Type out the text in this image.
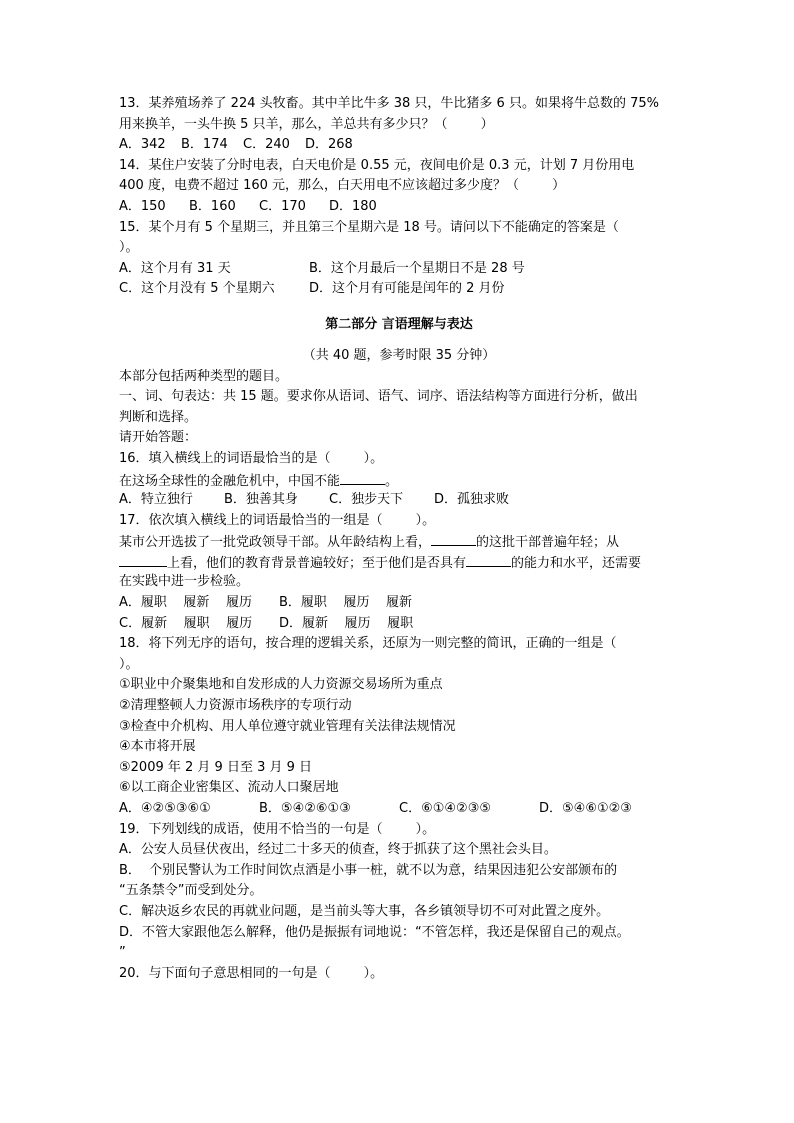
13．某养殖场养了 224 头牧畜。其中羊比牛多 38 只，牛比猪多 6 只。如果将牛总数的 75%
用来换羊，一头牛换 5 只羊，那么，羊总共有多少只？（        ）
A．342 B．174 C．240 D．268
14．某住户安装了分时电表，白天电价是 0.55 元，夜间电价是 0.3 元，计划 7 月份用电
400 度，电费不超过 160 元，那么，白天用电不应该超过多少度？（        ）
A．150 B．160 C．170 D．180
15．某个月有 5 个星期三，并且第三个星期六是 18 号。请问以下不能确定的答案是（
）。
A．这个月有 31 天	B．这个月最后一个星期日不是 28 号
C．这个月没有 5 个星期六	D．这个月有可能是闰年的 2 月份
第二部分 言语理解与表达
（共 40 题，参考时限 35 分钟）
本部分包括两种类型的题目。
一、词、句表达：共 15 题。要求你从语词、语气、词序、语法结构等方面进行分析，做出
判断和选择。
请开始答题：
16．填入横线上的词语最恰当的是（        ）。
在这场全球性的金融危机中，中国不能	。
A．特立独行 B．独善其身 C．独步天下 D．孤独求败
17．依次填入横线上的词语最恰当的一组是（        ）。
某市公开选拔了一批党政领导干部。从年龄结构上看，	的这批干部普遍年轻；从
上看，他们的教育背景普遍较好；至于他们是否具有	的能力和水平，还需要
在实践中进一步检验。
A．履职    履新    履历 B．履职    履历    履新
C．履新    履职    履历 D．履新    履历    履职
18．将下列无序的语句，按合理的逻辑关系，还原为一则完整的简讯，正确的一组是（
）。
①职业中介聚集地和自发形成的人力资源交易场所为重点
②清理整顿人力资源市场秩序的专项行动
③检查中介机构、用人单位遵守就业管理有关法律法规情况
④本市将开展
⑤2009 年 2 月 9 日至 3 月 9 日
⑥以工商企业密集区、流动人口聚居地
A．④②⑤③⑥①	B．⑤④②⑥①③	C．⑥①④②③⑤	D．⑤④⑥①②③
19．下列划线的成语，使用不恰当的一句是（        ）。
A．公安人员昼伏夜出，经过二十多天的侦查，终于抓获了这个黑社会头目。
B．  个别民警认为工作时间饮点酒是小事一桩，就不以为意，结果因违犯公安部颁布的
“五条禁令”而受到处分。
C．解决返乡农民的再就业问题，是当前头等大事，各乡镇领导切不可对此置之度外。
D．不管大家跟他怎么解释，他仍是振振有词地说：“不管怎样，我还是保留自己的观点。
”
20．与下面句子意思相同的一句是（        ）。
